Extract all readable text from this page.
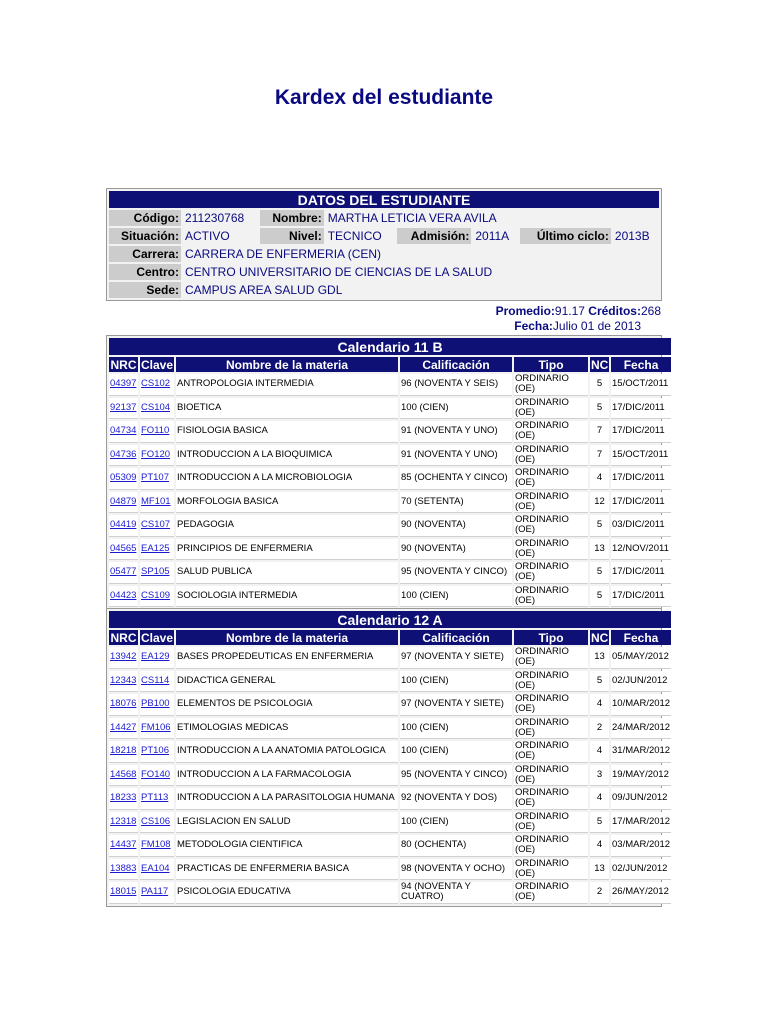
Kardex del estudiante
DATOS DEL ESTUDIANTE							
Código:	211230768	Nombre:	MARTHA LETICIA VERA AVILA				
Situación:	ACTIVO	Nivel:	TECNICO	Admisión:	2011A	Último ciclo:	2013B
Carrera:	CARRERA DE ENFERMERIA (CEN)						
Centro:	CENTRO UNIVERSITARIO DE CIENCIAS DE LA SALUD						
Sede:	CAMPUS AREA SALUD GDL						
Promedio:91.17 Créditos:268
Fecha:Julio 01 de 2013
Calendario 11 B						
NRC	Clave	Nombre de la materia	Calificación	Tipo	NC	Fecha
04397	CS102	ANTROPOLOGIA INTERMEDIA	96 (NOVENTA Y SEIS)	ORDINARIO (OE)	5	15/OCT/2011
92137	CS104	BIOETICA	100 (CIEN)	ORDINARIO (OE)	5	17/DIC/2011
04734	FO110	FISIOLOGIA BASICA	91 (NOVENTA Y UNO)	ORDINARIO (OE)	7	17/DIC/2011
04736	FO120	INTRODUCCION A LA BIOQUIMICA	91 (NOVENTA Y UNO)	ORDINARIO (OE)	7	15/OCT/2011
05309	PT107	INTRODUCCION A LA MICROBIOLOGIA	85 (OCHENTA Y CINCO)	ORDINARIO (OE)	4	17/DIC/2011
04879	MF101	MORFOLOGIA BASICA	70 (SETENTA)	ORDINARIO (OE)	12	17/DIC/2011
04419	CS107	PEDAGOGIA	90 (NOVENTA)	ORDINARIO (OE)	5	03/DIC/2011
04565	EA125	PRINCIPIOS DE ENFERMERIA	90 (NOVENTA)	ORDINARIO (OE)	13	12/NOV/2011
05477	SP105	SALUD PUBLICA	95 (NOVENTA Y CINCO)	ORDINARIO (OE)	5	17/DIC/2011
04423	CS109	SOCIOLOGIA INTERMEDIA	100 (CIEN)	ORDINARIO (OE)	5	17/DIC/2011
Calendario 12 A						
NRC	Clave	Nombre de la materia	Calificación	Tipo	NC	Fecha
13942	EA129	BASES PROPEDEUTICAS EN ENFERMERIA	97 (NOVENTA Y SIETE)	ORDINARIO (OE)	13	05/MAY/2012
12343	CS114	DIDACTICA GENERAL	100 (CIEN)	ORDINARIO (OE)	5	02/JUN/2012
18076	PB100	ELEMENTOS DE PSICOLOGIA	97 (NOVENTA Y SIETE)	ORDINARIO (OE)	4	10/MAR/2012
14427	FM106	ETIMOLOGIAS MEDICAS	100 (CIEN)	ORDINARIO (OE)	2	24/MAR/2012
18218	PT106	INTRODUCCION A LA ANATOMIA PATOLOGICA	100 (CIEN)	ORDINARIO (OE)	4	31/MAR/2012
14568	FO140	INTRODUCCION A LA FARMACOLOGIA	95 (NOVENTA Y CINCO)	ORDINARIO (OE)	3	19/MAY/2012
18233	PT113	INTRODUCCION A LA PARASITOLOGIA HUMANA	92 (NOVENTA Y DOS)	ORDINARIO (OE)	4	09/JUN/2012
12318	CS106	LEGISLACION EN SALUD	100 (CIEN)	ORDINARIO (OE)	5	17/MAR/2012
14437	FM108	METODOLOGIA CIENTIFICA	80 (OCHENTA)	ORDINARIO (OE)	4	03/MAR/2012
13883	EA104	PRACTICAS DE ENFERMERIA BASICA	98 (NOVENTA Y OCHO)	ORDINARIO (OE)	13	02/JUN/2012
18015	PA117	PSICOLOGIA EDUCATIVA	94 (NOVENTA Y CUATRO)	ORDINARIO (OE)	2	26/MAY/2012
